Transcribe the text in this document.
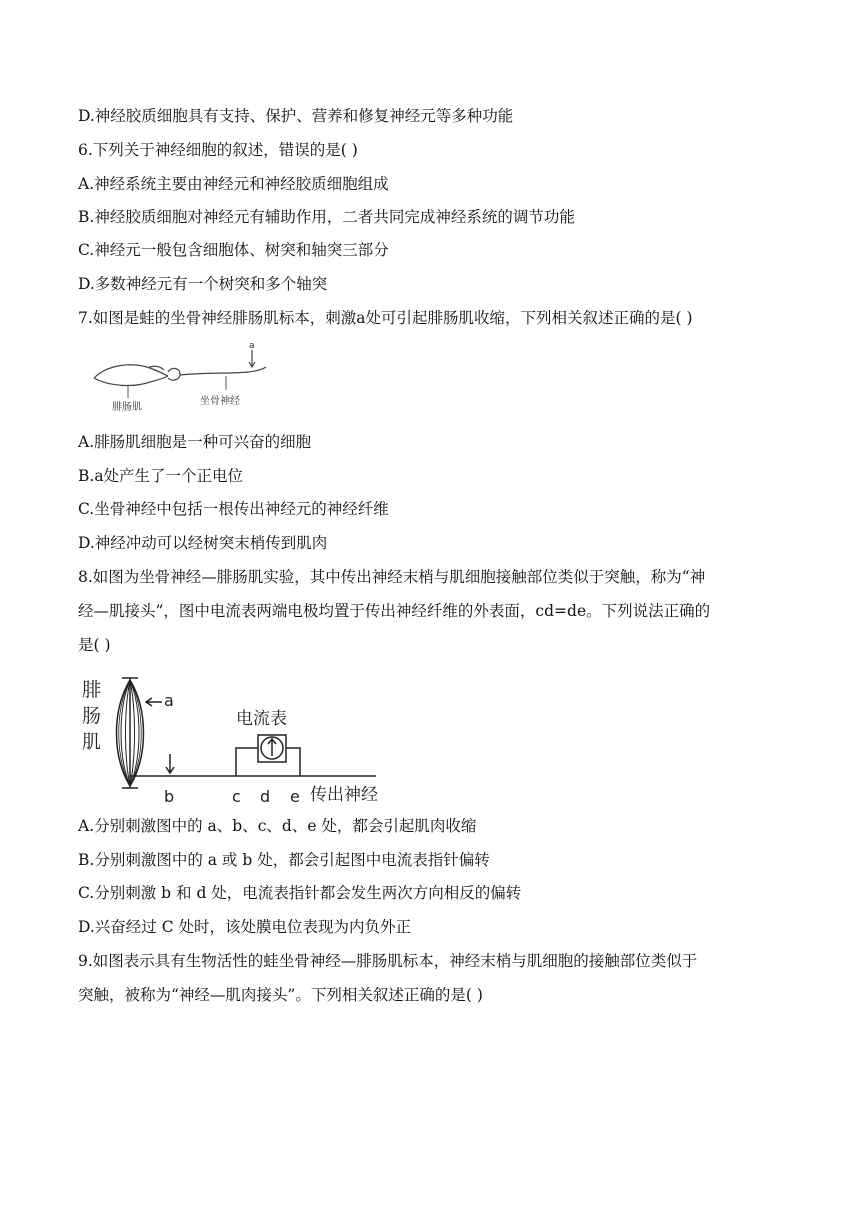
D.神经胶质细胞具有支持、保护、营养和修复神经元等多种功能
6.下列关于神经细胞的叙述，错误的是( )
A.神经系统主要由神经元和神经胶质细胞组成
B.神经胶质细胞对神经元有辅助作用，二者共同完成神经系统的调节功能
C.神经元一般包含细胞体、树突和轴突三部分
D.多数神经元有一个树突和多个轴突
7.如图是蛙的坐骨神经腓肠肌标本，刺激a处可引起腓肠肌收缩，下列相关叙述正确的是( )
a
腓肠肌
坐骨神经
A.腓肠肌细胞是一种可兴奋的细胞
B.a处产生了一个正电位
C.坐骨神经中包括一根传出神经元的神经纤维
D.神经冲动可以经树突末梢传到肌肉
8.如图为坐骨神经—腓肠肌实验，其中传出神经末梢与肌细胞接触部位类似于突触，称为“神
经—肌接头”，图中电流表两端电极均置于传出神经纤维的外表面，cd=de。下列说法正确的
是( )
腓
肠
肌
a
b	c d e
电流表
传出神经
A.分别刺激图中的 a、b、c、d、e 处，都会引起肌肉收缩
B.分别刺激图中的 a 或 b 处，都会引起图中电流表指针偏转
C.分别刺激 b 和 d 处，电流表指针都会发生两次方向相反的偏转
D.兴奋经过 C 处时，该处膜电位表现为内负外正
9.如图表示具有生物活性的蛙坐骨神经—腓肠肌标本，神经末梢与肌细胞的接触部位类似于
突触，被称为“神经—肌肉接头”。下列相关叙述正确的是( )
